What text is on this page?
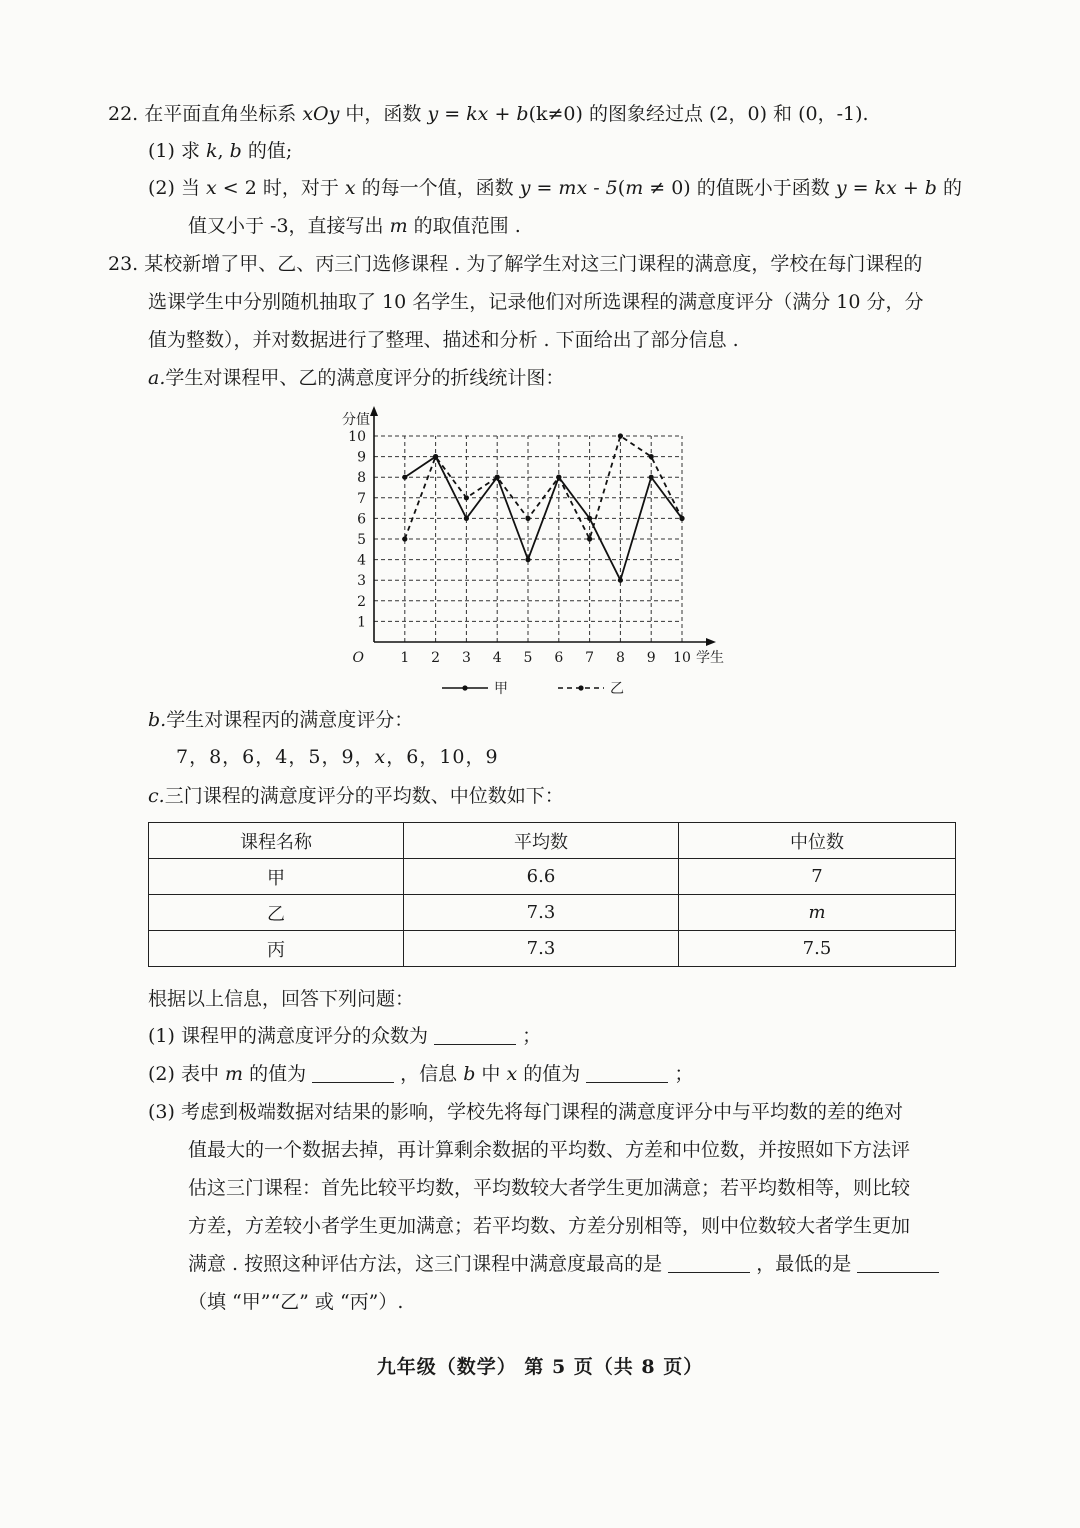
22. 在平面直角坐标系 xOy 中，函数 y = kx + b(k≠0) 的图象经过点 (2，0) 和 (0，-1).
(1) 求 k, b 的值;
(2) 当 x < 2 时，对于 x 的每一个值，函数 y = mx - 5(m ≠ 0) 的值既小于函数 y = kx + b 的
值又小于 -3，直接写出 m 的取值范围 .
23. 某校新增了甲、乙、丙三门选修课程 . 为了解学生对这三门课程的满意度，学校在每门课程的
选课学生中分别随机抽取了 10 名学生，记录他们对所选课程的满意度评分（满分 10 分，分
值为整数），并对数据进行了整理、描述和分析 . 下面给出了部分信息 .
a.学生对课程甲、乙的满意度评分的折线统计图：
1 2 3 4 5 6 7 8 9 10
1
2
3
4
5
6
7
8
9
10
O	学生
分值
甲	乙
b.学生对课程丙的满意度评分：
7，8，6，4，5，9，x，6，10，9
c.三门课程的满意度评分的平均数、中位数如下：
课程名称	平均数	中位数
甲	6.6	7
乙	7.3	m
丙	7.3	7.5
根据以上信息，回答下列问题：
(1) 课程甲的满意度评分的众数为	；
(2) 表中 m 的值为	，信息 b 中 x 的值为	；
(3) 考虑到极端数据对结果的影响，学校先将每门课程的满意度评分中与平均数的差的绝对
值最大的一个数据去掉，再计算剩余数据的平均数、方差和中位数，并按照如下方法评
估这三门课程：首先比较平均数，平均数较大者学生更加满意；若平均数相等，则比较
方差，方差较小者学生更加满意；若平均数、方差分别相等，则中位数较大者学生更加
满意 . 按照这种评估方法，这三门课程中满意度最高的是	，最低的是
（填 “甲”“乙” 或 “丙”）.
九年级（数学） 第 5 页（共 8 页）
